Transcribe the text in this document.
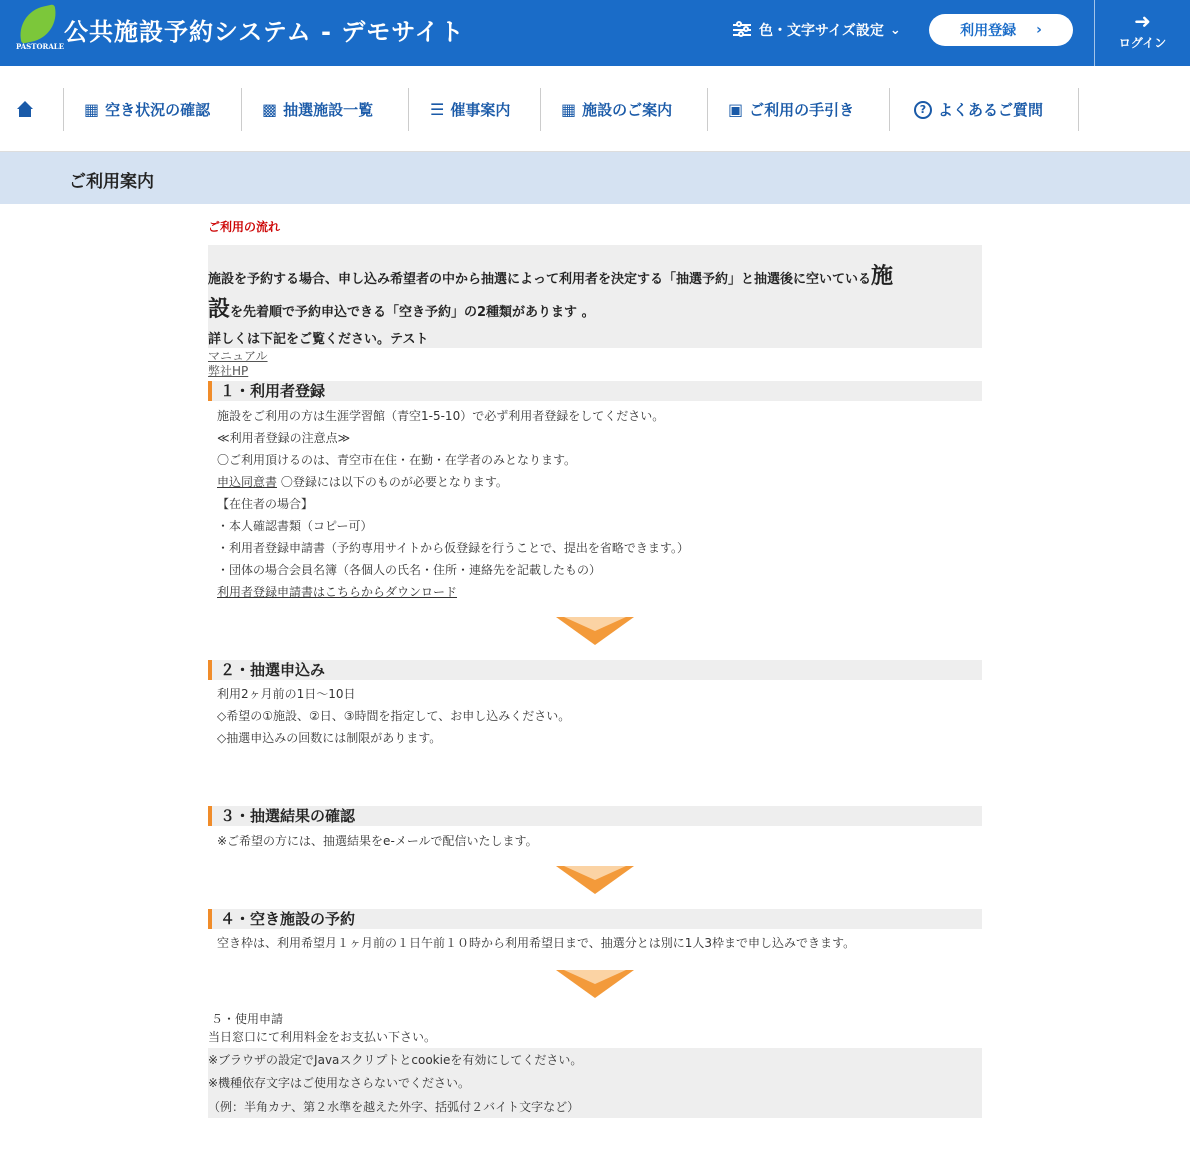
PASTORALE
公共施設予約システム - デモサイト	色・文字サイズ設定 ⌄	利用登録 ›	➜
ログイン
▦ 空き状況の確認	▩ 抽選施設一覧	☰ 催事案内	▦ 施設のご案内	▣ ご利用の手引き	? よくあるご質問
ご利用案内
ご利用の流れ
施設を予約する場合、申し込み希望者の中から抽選によって利用者を決定する「抽選予約」と抽選後に空いている施
設を先着順で予約申込できる「空き予約」の2種類があります 。
詳しくは下記をご覧ください。テスト
マニュアル
弊社HP
１・利用者登録
施設をご利用の方は生涯学習館（青空1-5-10）で必ず利用者登録をしてください。
≪利用者登録の注意点≫
〇ご利用頂けるのは、青空市在住・在勤・在学者のみとなります。
申込同意書 〇登録には以下のものが必要となります。
【在住者の場合】
・本人確認書類（コピー可）
・利用者登録申請書（予約専用サイトから仮登録を行うことで、提出を省略できます。）
・団体の場合会員名簿（各個人の氏名・住所・連絡先を記載したもの）
利用者登録申請書はこちらからダウンロード
２・抽選申込み
利用2ヶ月前の1日〜10日
◇希望の①施設、②日、③時間を指定して、お申し込みください。
◇抽選申込みの回数には制限があります。
３・抽選結果の確認
※ご希望の方には、抽選結果をe-メールで配信いたします。
４・空き施設の予約
空き枠は、利用希望月１ヶ月前の１日午前１０時から利用希望日まで、抽選分とは別に1人3枠まで申し込みできます。
５・使用申請
当日窓口にて利用料金をお支払い下さい。
※ブラウザの設定でJavaスクリプトとcookieを有効にしてください。
※機種依存文字はご使用なさらないでください。
（例：半角カナ、第２水準を越えた外字、括弧付２バイト文字など）
